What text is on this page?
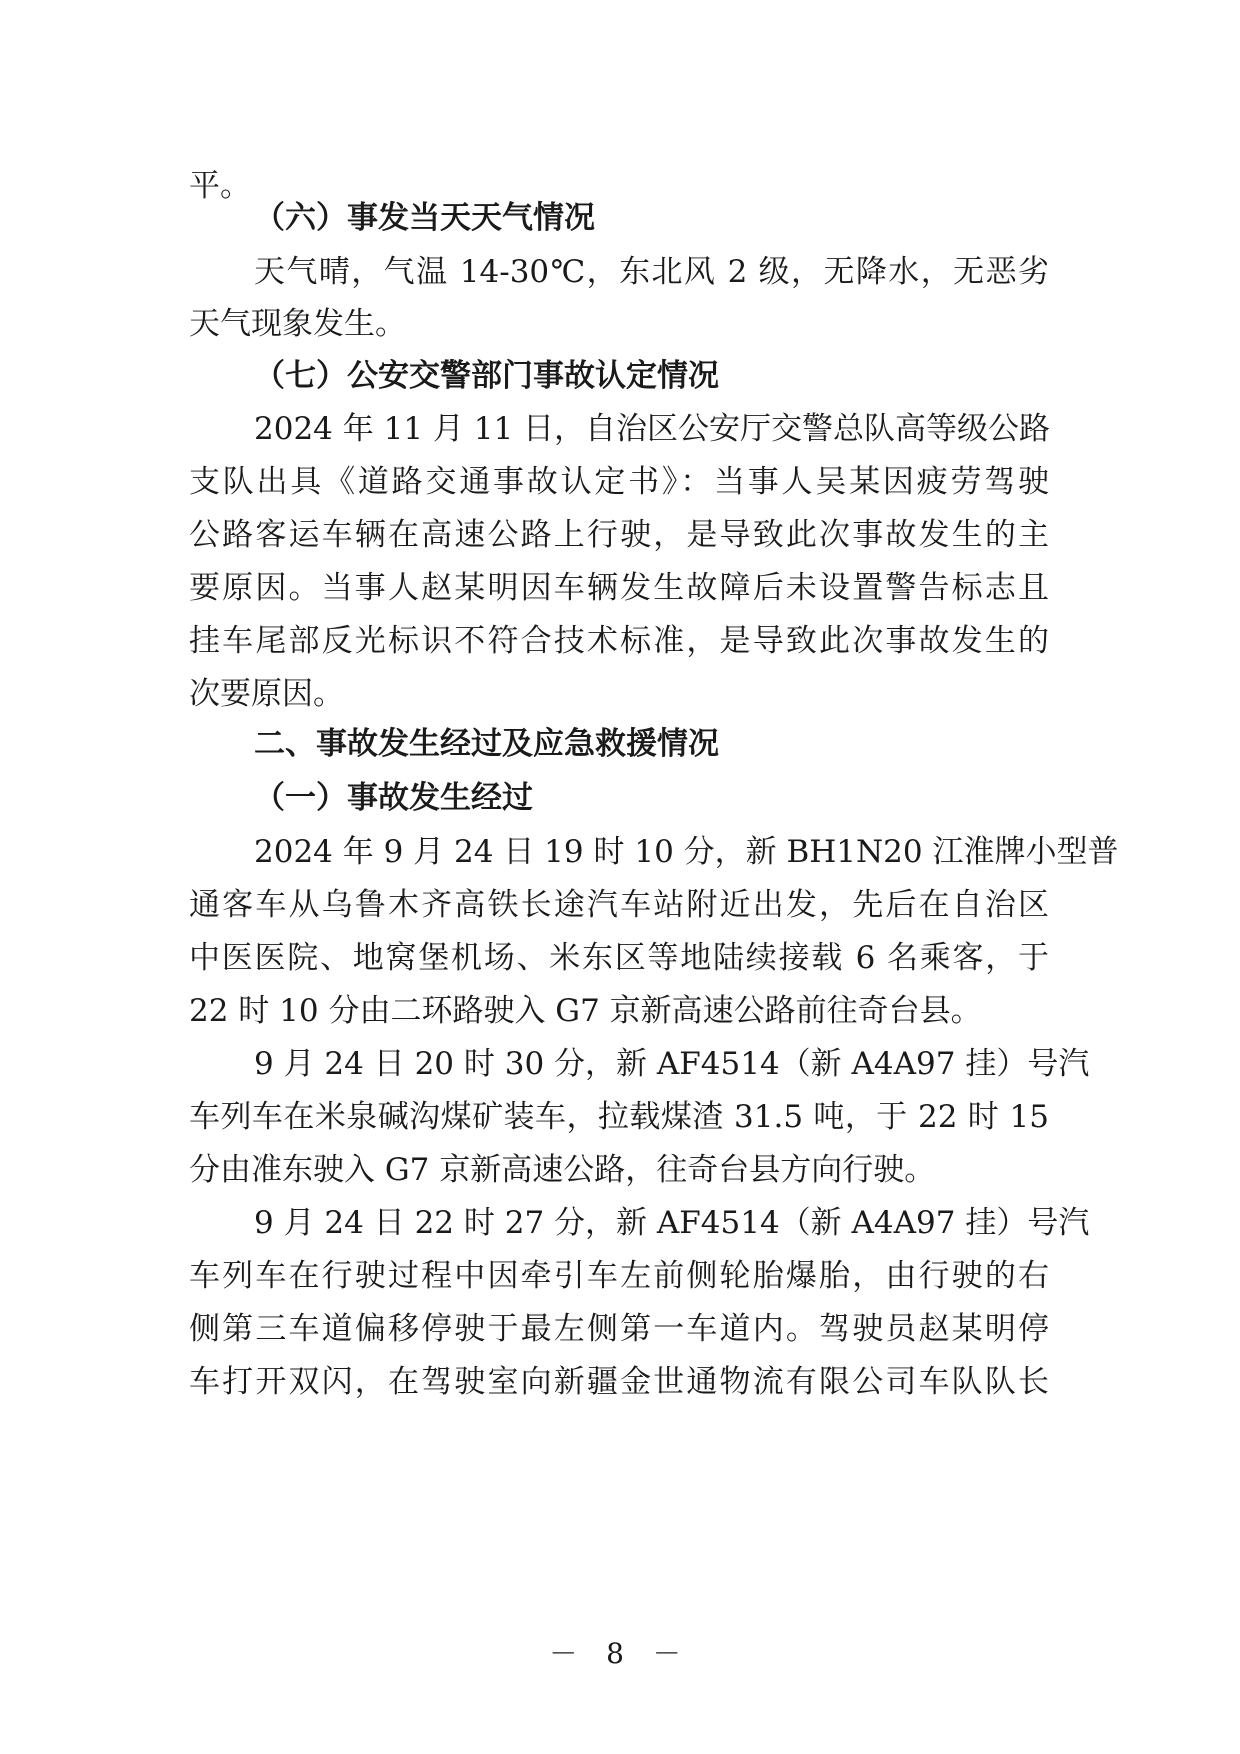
平。
（六）事发当天天气情况
天气晴，气温 14-30℃，东北风 2 级，无降水，无恶劣
天气现象发生。
（七）公安交警部门事故认定情况
2024 年 11 月 11 日，自治区公安厅交警总队高等级公路
支队出具《道路交通事故认定书》：当事人吴某因疲劳驾驶
公路客运车辆在高速公路上行驶，是导致此次事故发生的主
要原因。当事人赵某明因车辆发生故障后未设置警告标志且
挂车尾部反光标识不符合技术标准，是导致此次事故发生的
次要原因。
二、事故发生经过及应急救援情况
（一）事故发生经过
2024 年 9 月 24 日 19 时 10 分，新 BH1N20 江淮牌小型普
通客车从乌鲁木齐高铁长途汽车站附近出发，先后在自治区
中医医院、地窝堡机场、米东区等地陆续接载 6 名乘客，于
22 时 10 分由二环路驶入 G7 京新高速公路前往奇台县。
9 月 24 日 20 时 30 分，新 AF4514（新 A4A97 挂）号汽
车列车在米泉碱沟煤矿装车，拉载煤渣 31.5 吨，于 22 时 15
分由准东驶入 G7 京新高速公路，往奇台县方向行驶。
9 月 24 日 22 时 27 分，新 AF4514（新 A4A97 挂）号汽
车列车在行驶过程中因牵引车左前侧轮胎爆胎，由行驶的右
侧第三车道偏移停驶于最左侧第一车道内。驾驶员赵某明停
车打开双闪，在驾驶室向新疆金世通物流有限公司车队队长
－ 8 －
